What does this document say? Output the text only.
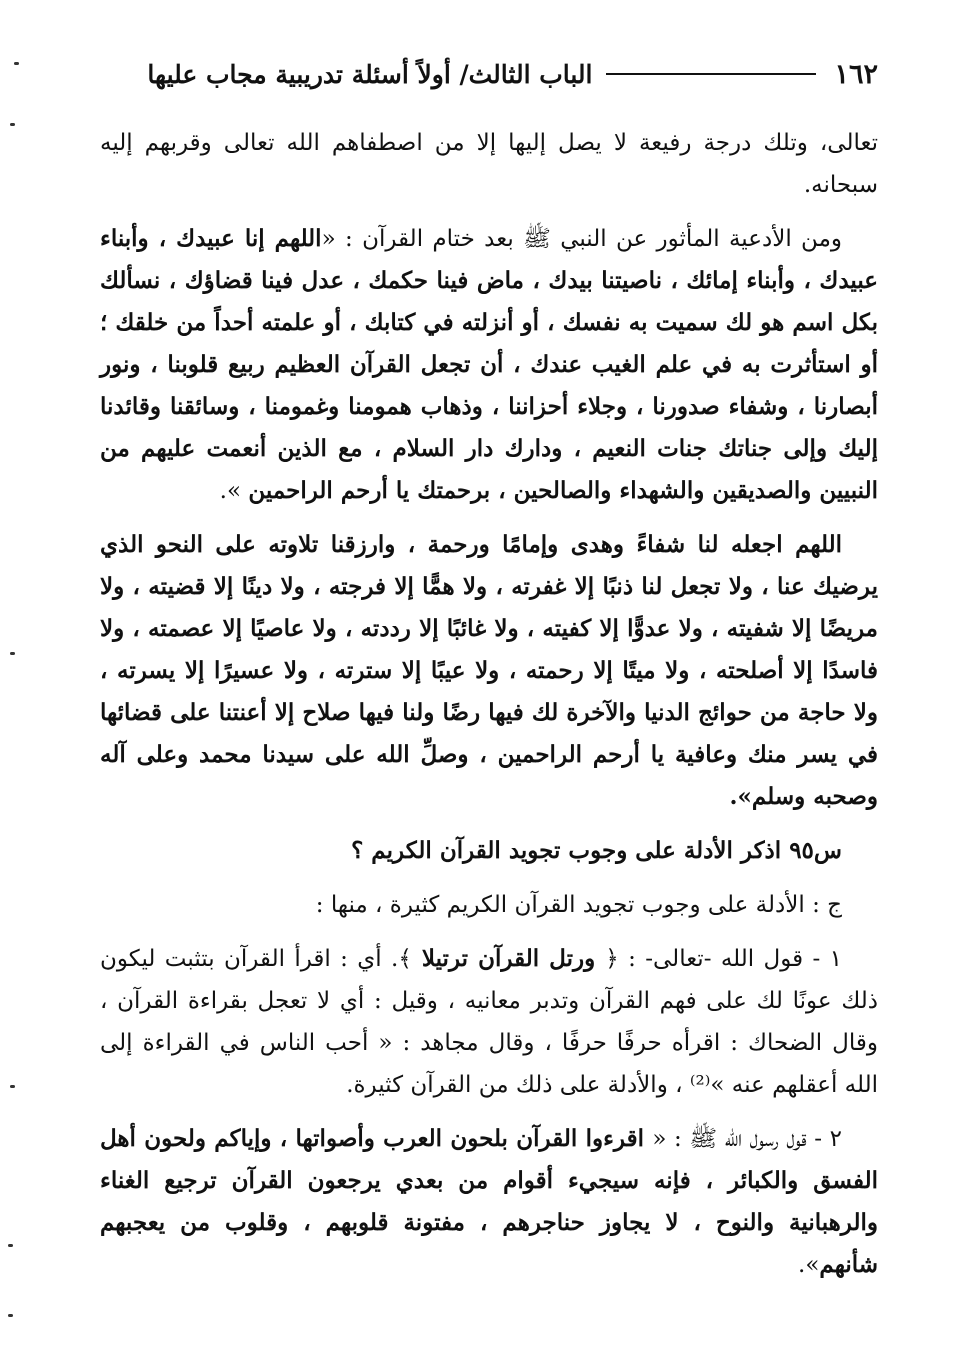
١٦٢
الباب الثالث/ أولاً أسئلة تدريبية مجاب عليها

تعالى، وتلك درجة رفيعة لا يصل إليها إلا من اصطفاهم الله تعالى وقربهم إليه سبحانه.

ومن الأدعية المأثور عن النبي ﷺ بعد ختام القرآن : «اللهم إنا عبيدك ، وأبناء عبيدك ، وأبناء إمائك ، ناصيتنا بيدك ، ماض فينا حكمك ، عدل فينا قضاؤك ، نسألك بكل اسم هو لك سميت به نفسك ، أو أنزلته في كتابك ، أو علمته أحداً من خلقك ؛ أو استأثرت به في علم الغيب عندك ، أن تجعل القرآن العظيم ربيع قلوبنا ، ونور أبصارنا ، وشفاء صدورنا ، وجلاء أحزاننا ، وذهاب همومنا وغمومنا ، وسائقنا وقائدنا إليك وإلى جناتك جنات النعيم ، ودارك دار السلام ، مع الذين أنعمت عليهم من النبيين والصديقين والشهداء والصالحين ، برحمتك يا أرحم الراحمين ».

اللهم اجعله لنا شفاءً وهدى وإمامًا ورحمة ، وارزقنا تلاوته على النحو الذي يرضيك عنا ، ولا تجعل لنا ذنبًا إلا غفرته ، ولا همًّا إلا فرجته ، ولا دينًا إلا قضيته ، ولا مريضًا إلا شفيته ، ولا عدوًّا إلا كفيته ، ولا غائبًا إلا رددته ، ولا عاصيًا إلا عصمته ، ولا فاسدًا إلا أصلحته ، ولا ميتًا إلا رحمته ، ولا عيبًا إلا سترته ، ولا عسيرًا إلا يسرته ، ولا حاجة من حوائج الدنيا والآخرة لك فيها رضًا ولنا فيها صلاح إلا أعنتنا على قضائها في يسر منك وعافية يا أرحم الراحمين ، وصلِّ الله على سيدنا محمد وعلى آله وصحبه وسلم».

س٩٥ اذكر الأدلة على وجوب تجويد القرآن الكريم ؟

ج : الأدلة على وجوب تجويد القرآن الكريم كثيرة ، منها :

١ - قول الله -تعالى- : ﴿ ورتل القرآن ترتيلا ﴾. أي : اقرأ القرآن بتثبت ليكون ذلك عونًا لك على فهم القرآن وتدبر معانيه ، وقيل : أي لا تعجل بقراءة القرآن ، وقال الضحاك : اقرأه حرفًا حرفًا ، وقال مجاهد : « أحب الناس في القراءة إلى الله أعقلهم عنه »⁽²⁾ ، والأدلة على ذلك من القرآن كثيرة.

٢ - قول رسول الله ﷺ : « اقرءوا القرآن بلحون العرب وأصواتها ، وإياكم ولحون أهل الفسق والكبائر ، فإنه سيجيء أقوام من بعدي يرجعون القرآن ترجيع الغناء والرهبانية والنوح ، لا يجاوز حناجرهم ، مفتونة قلوبهم ، وقلوب من يعجبهم شأنهم».
